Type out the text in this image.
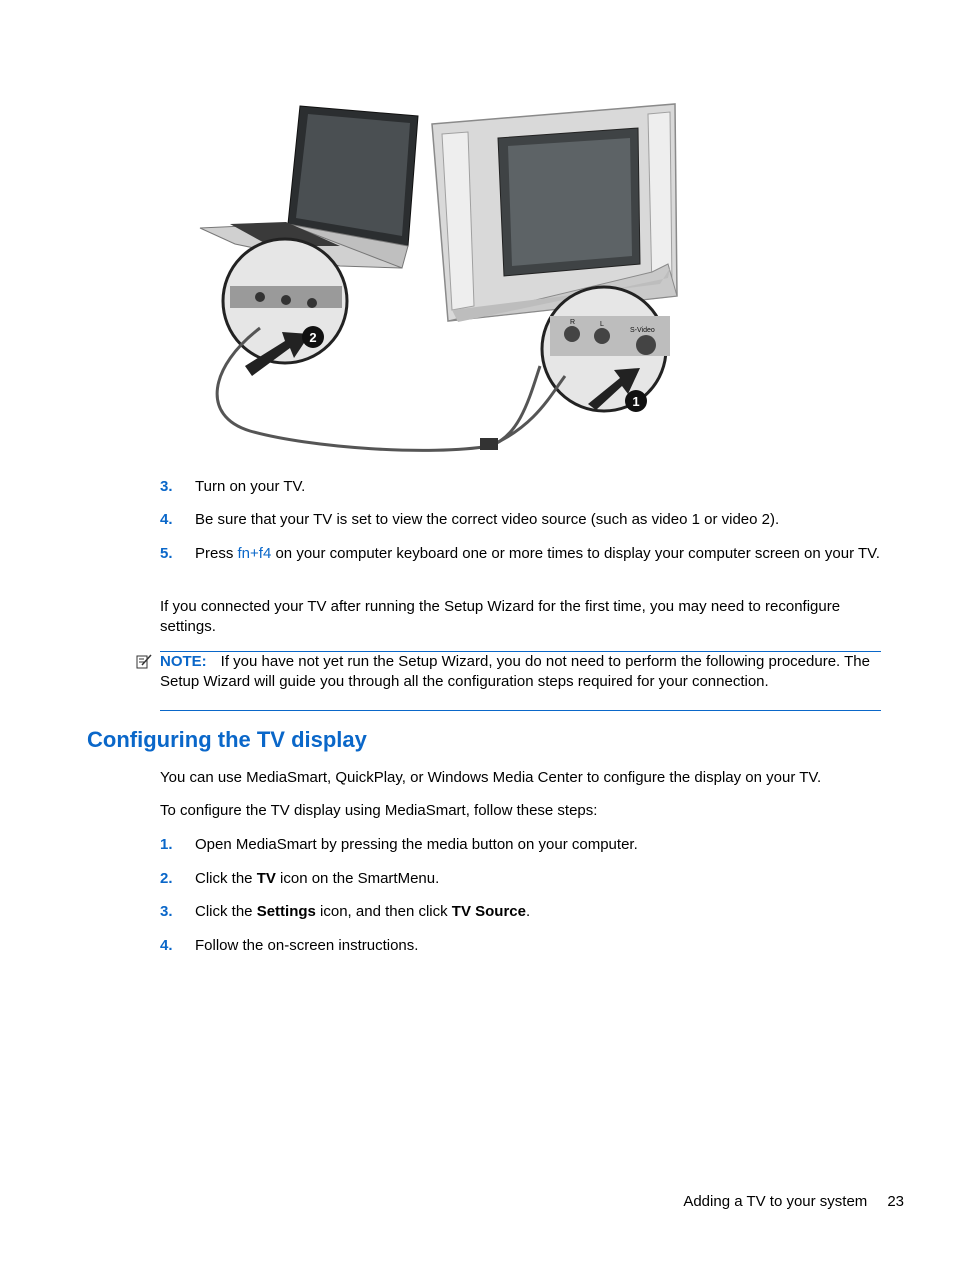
2
R	L
S-Video
1
3. Turn on your TV.
4. Be sure that your TV is set to view the correct video source (such as video 1 or video 2).
5. Press fn+f4 on your computer keyboard one or more times to display your computer screen on your TV.
If you connected your TV after running the Setup Wizard for the first time, you may need to reconfigure settings.
NOTE: If you have not yet run the Setup Wizard, you do not need to perform the following procedure. The Setup Wizard will guide you through all the configuration steps required for your connection.
Configuring the TV display
You can use MediaSmart, QuickPlay, or Windows Media Center to configure the display on your TV.
To configure the TV display using MediaSmart, follow these steps:
1. Open MediaSmart by pressing the media button on your computer.
2. Click the TV icon on the SmartMenu.
3. Click the Settings icon, and then click TV Source.
4. Follow the on-screen instructions.
Adding a TV to your system 23
